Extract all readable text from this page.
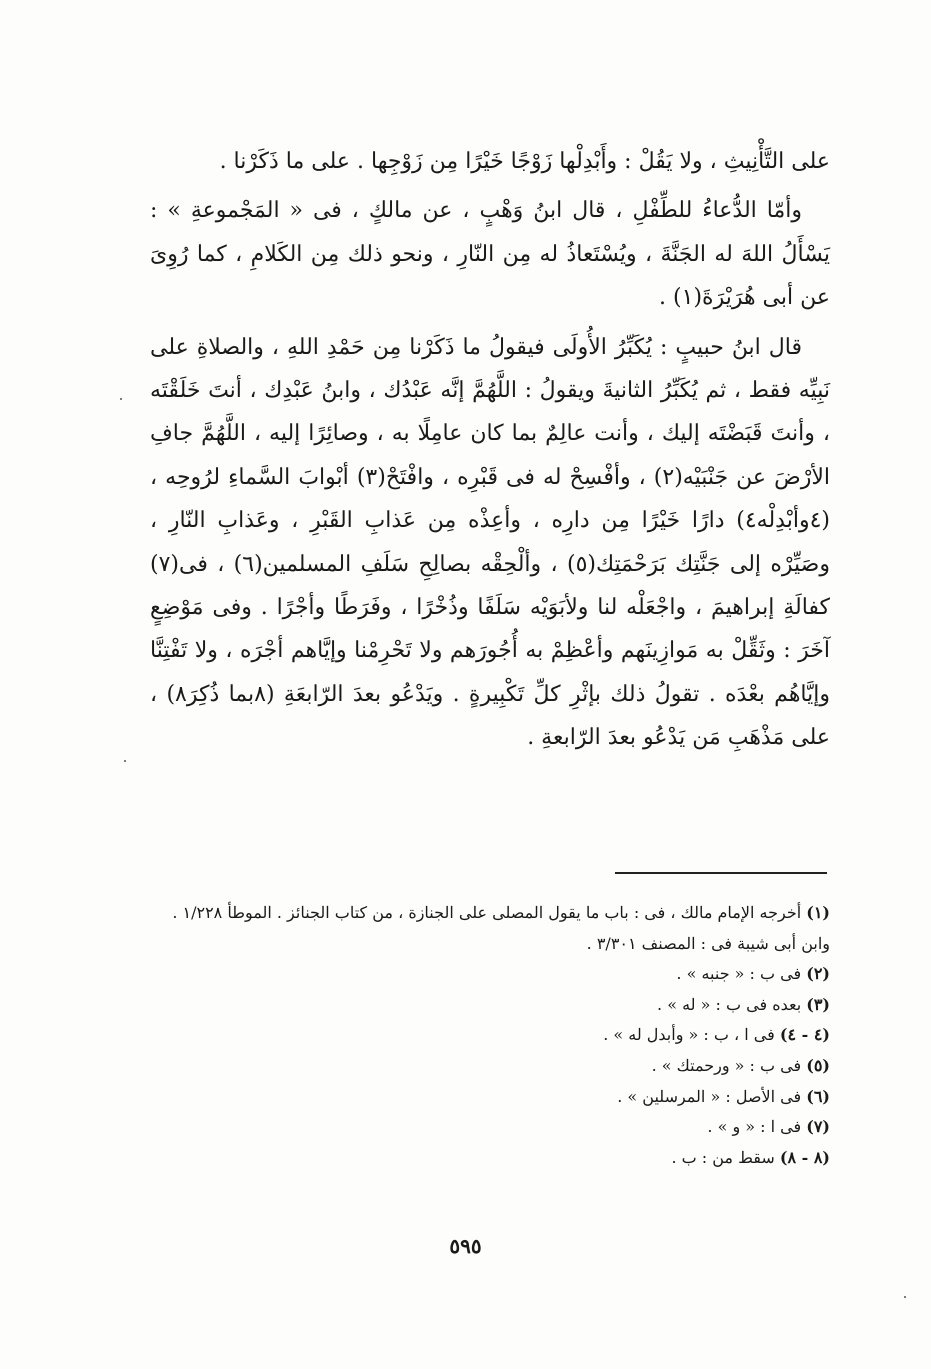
على التَّأْنِيثِ ، ولا يَقُلْ : وأَبْدِلْها زَوْجًا خَيْرًا مِن زَوْجِها . على ما ذَكَرْنا .

وأمّا الدُّعاءُ للطِّفْلِ ، قال ابنُ وَهْبٍ ، عن مالكٍ ، فى « المَجْموعةِ » : يَسْأَلُ اللهَ له الجَنَّةَ ، ويُسْتَعاذُ له مِن النّارِ ، ونحو ذلك مِن الكَلامِ ، كما رُوِىَ عن أبى هُرَيْرَةَ(١) .

قال ابنُ حبيبٍ : يُكَبِّرُ الأُولَى فيقولُ ما ذَكَرْنا مِن حَمْدِ اللهِ ، والصلاةِ على نَبِيِّه فقط ، ثم يُكَبِّرُ الثانيةَ ويقولُ : اللَّهُمَّ إنَّه عَبْدُك ، وابنُ عَبْدِك ، أنتَ خَلَقْتَه ، وأنتَ قَبَضْتَه إليك ، وأنت عالِمٌ بما كان عامِلًا به ، وصائِرًا إليه ، اللَّهُمَّ جافِ الأرْضَ عن جَنْبَيْه(٢) ، وأفْسِحْ له فى قَبْرِه ، وافْتَحْ(٣) أبْوابَ السَّماءِ لرُوحِه ، (٤وأبْدِلْه٤) دارًا خَيْرًا مِن دارِه ، وأعِذْه مِن عَذابِ القَبْرِ ، وعَذابِ النّارِ ، وصَيِّرْه إلى جَنَّتِك بَرَحْمَتِك(٥) ، وألْحِقْه بصالِحِ سَلَفِ المسلمين(٦) ، فى(٧) كفالَةِ إبراهيمَ ، واجْعَلْه لنا ولأبَوَيْه سَلَفًا وذُخْرًا ، وفَرَطًا وأجْرًا . وفى مَوْضِعٍ آخَرَ : وثَقِّلْ به مَوازِينَهم وأعْظِمْ به أُجُورَهم ولا تَحْرِمْنا وإيَّاهم أجْرَه ، ولا تَفْتِنَّا وإيَّاهُم بعْدَه . تقولُ ذلك بإثْرِ كلِّ تَكْبِيرةٍ . ويَدْعُو بعدَ الرّابعَةِ (٨بما ذُكِرَ٨) ، على مَذْهَبِ مَن يَدْعُو بعدَ الرّابعةِ .

(١) أخرجه الإمام مالك ، فى : باب ما يقول المصلى على الجنازة ، من كتاب الجنائز . الموطأ ١/٢٢٨ .

وابن أبى شيبة فى : المصنف ٣/٣٠١ .

(٢) فى ب : « جنبه » .

(٣) بعده فى ب : « له » .

(٤ - ٤) فى ا ، ب : « وأبدل له » .

(٥) فى ب : « ورحمتك » .

(٦) فى الأصل : « المرسلين » .

(٧) فى ا : « و » .

(٨ - ٨) سقط من : ب .

٥٩٥
